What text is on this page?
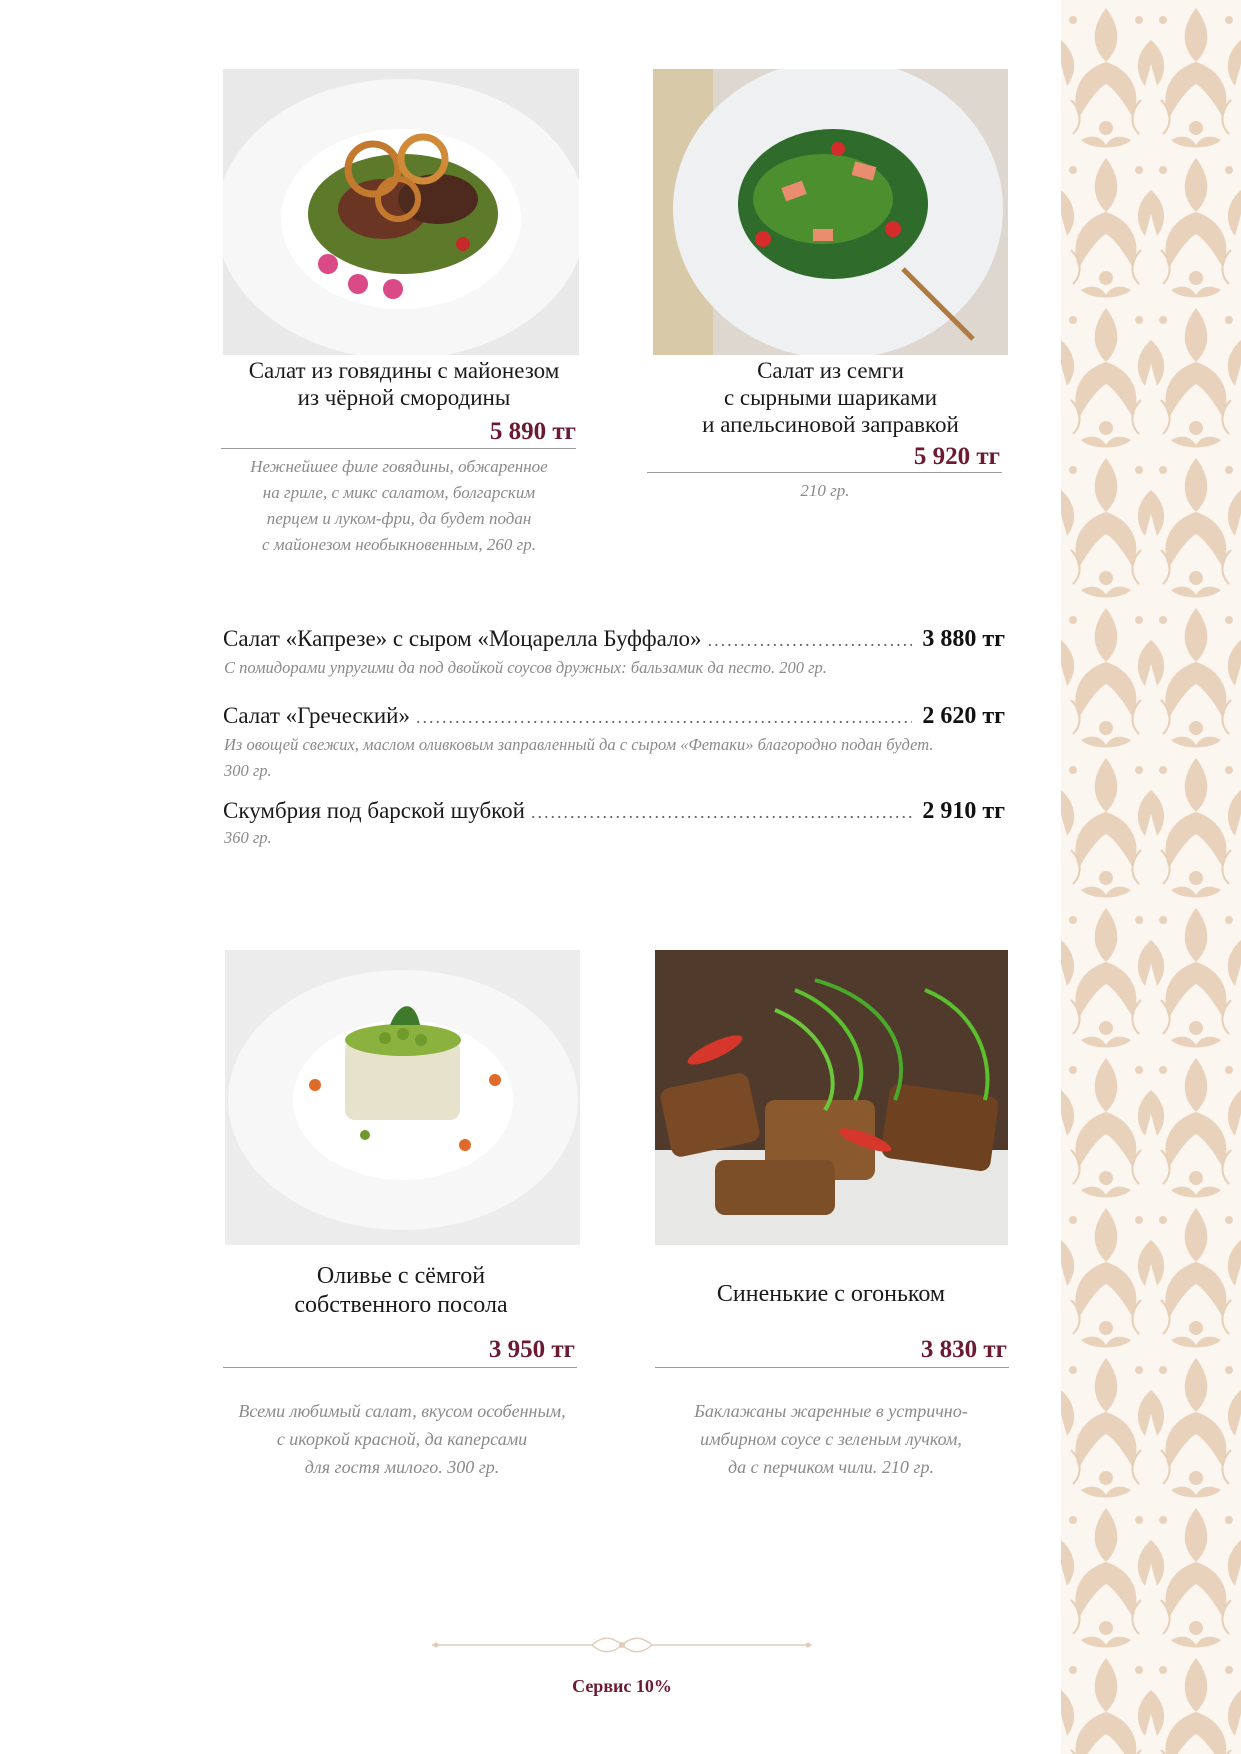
Салат из говядины с майонезом
из чёрной смородины
5 890 тг
Нежнейшее филе говядины, обжаренное
на гриле, с микс салатом, болгарским
перцем и луком-фри, да будет подан
с майонезом необыкновенным, 260 гр.
Салат из семги
с сырными шариками
и апельсиновой заправкой
5 920 тг
210 гр.
Салат «Капрезе» с сыром «Моцарелла Буффало» .....	3 880 тг
С помидорами упругими да под двойкой соусов дружных: бальзамик да песто. 200 гр.
Салат «Греческий» .....	2 620 тг
Из овощей свежих, маслом оливковым заправленный да с сыром «Фетаки» благородно подан будет.
300 гр.
Скумбрия под барской шубкой .....	2 910 тг
360 гр.
Оливье с сёмгой
собственного посола
3 950 тг
Всеми любимый салат, вкусом особенным,
с икоркой красной, да каперсами
для гостя милого. 300 гр.
Синенькие с огоньком
3 830 тг
Баклажаны жаренные в устрично-
имбирном соусе с зеленым лучком,
да с перчиком чили. 210 гр.
Сервис 10%
